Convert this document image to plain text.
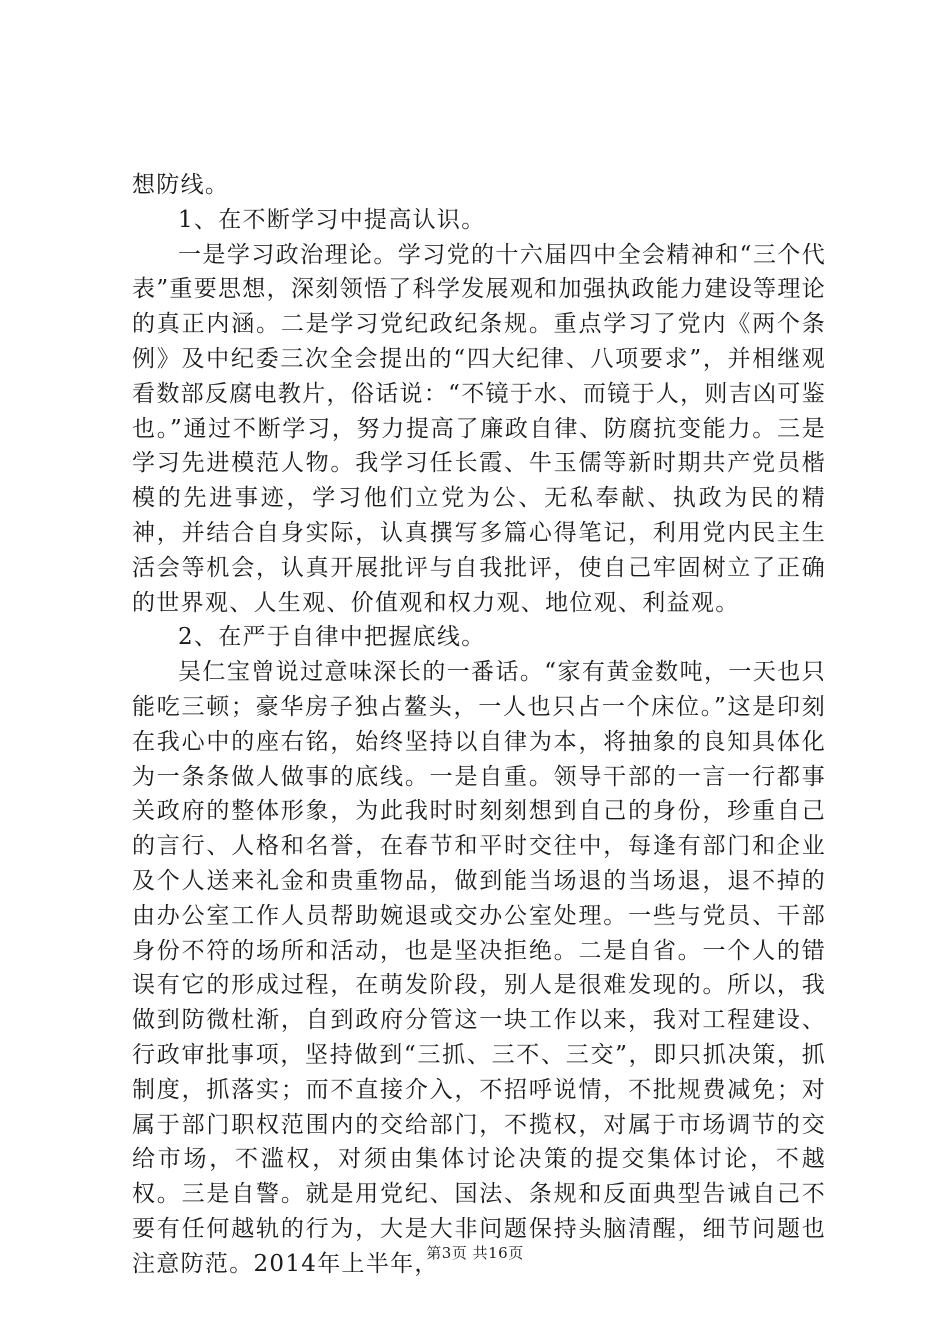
想防线。

1、在不断学习中提高认识。

一是学习政治理论。学习党的十六届四中全会精神和“三个代表”重要思想，深刻领悟了科学发展观和加强执政能力建设等理论的真正内涵。二是学习党纪政纪条规。重点学习了党内《两个条例》及中纪委三次全会提出的“四大纪律、八项要求”，并相继观看数部反腐电教片，俗话说：“不镜于水、而镜于人，则吉凶可鉴也。”通过不断学习，努力提高了廉政自律、防腐抗变能力。三是学习先进模范人物。我学习任长霞、牛玉儒等新时期共产党员楷模的先进事迹，学习他们立党为公、无私奉献、执政为民的精神，并结合自身实际，认真撰写多篇心得笔记，利用党内民主生活会等机会，认真开展批评与自我批评，使自己牢固树立了正确的世界观、人生观、价值观和权力观、地位观、利益观。

2、在严于自律中把握底线。

吴仁宝曾说过意味深长的一番话。“家有黄金数吨，一天也只能吃三顿；豪华房子独占鳌头，一人也只占一个床位。”这是印刻在我心中的座右铭，始终坚持以自律为本，将抽象的良知具体化为一条条做人做事的底线。一是自重。领导干部的一言一行都事关政府的整体形象，为此我时时刻刻想到自己的身份，珍重自己的言行、人格和名誉，在春节和平时交往中，每逢有部门和企业及个人送来礼金和贵重物品，做到能当场退的当场退，退不掉的由办公室工作人员帮助婉退或交办公室处理。一些与党员、干部身份不符的场所和活动，也是坚决拒绝。二是自省。一个人的错误有它的形成过程，在萌发阶段，别人是很难发现的。所以，我做到防微杜渐，自到政府分管这一块工作以来，我对工程建设、行政审批事项，坚持做到“三抓、三不、三交”，即只抓决策，抓制度，抓落实；而不直接介入，不招呼说情，不批规费减免；对属于部门职权范围内的交给部门，不揽权，对属于市场调节的交给市场，不滥权，对须由集体讨论决策的提交集体讨论，不越权。三是自警。就是用党纪、国法、条规和反面典型告诫自己不要有任何越轨的行为，大是大非问题保持头脑清醒，细节问题也注意防范。2014年上半年，

第3页 共16页
